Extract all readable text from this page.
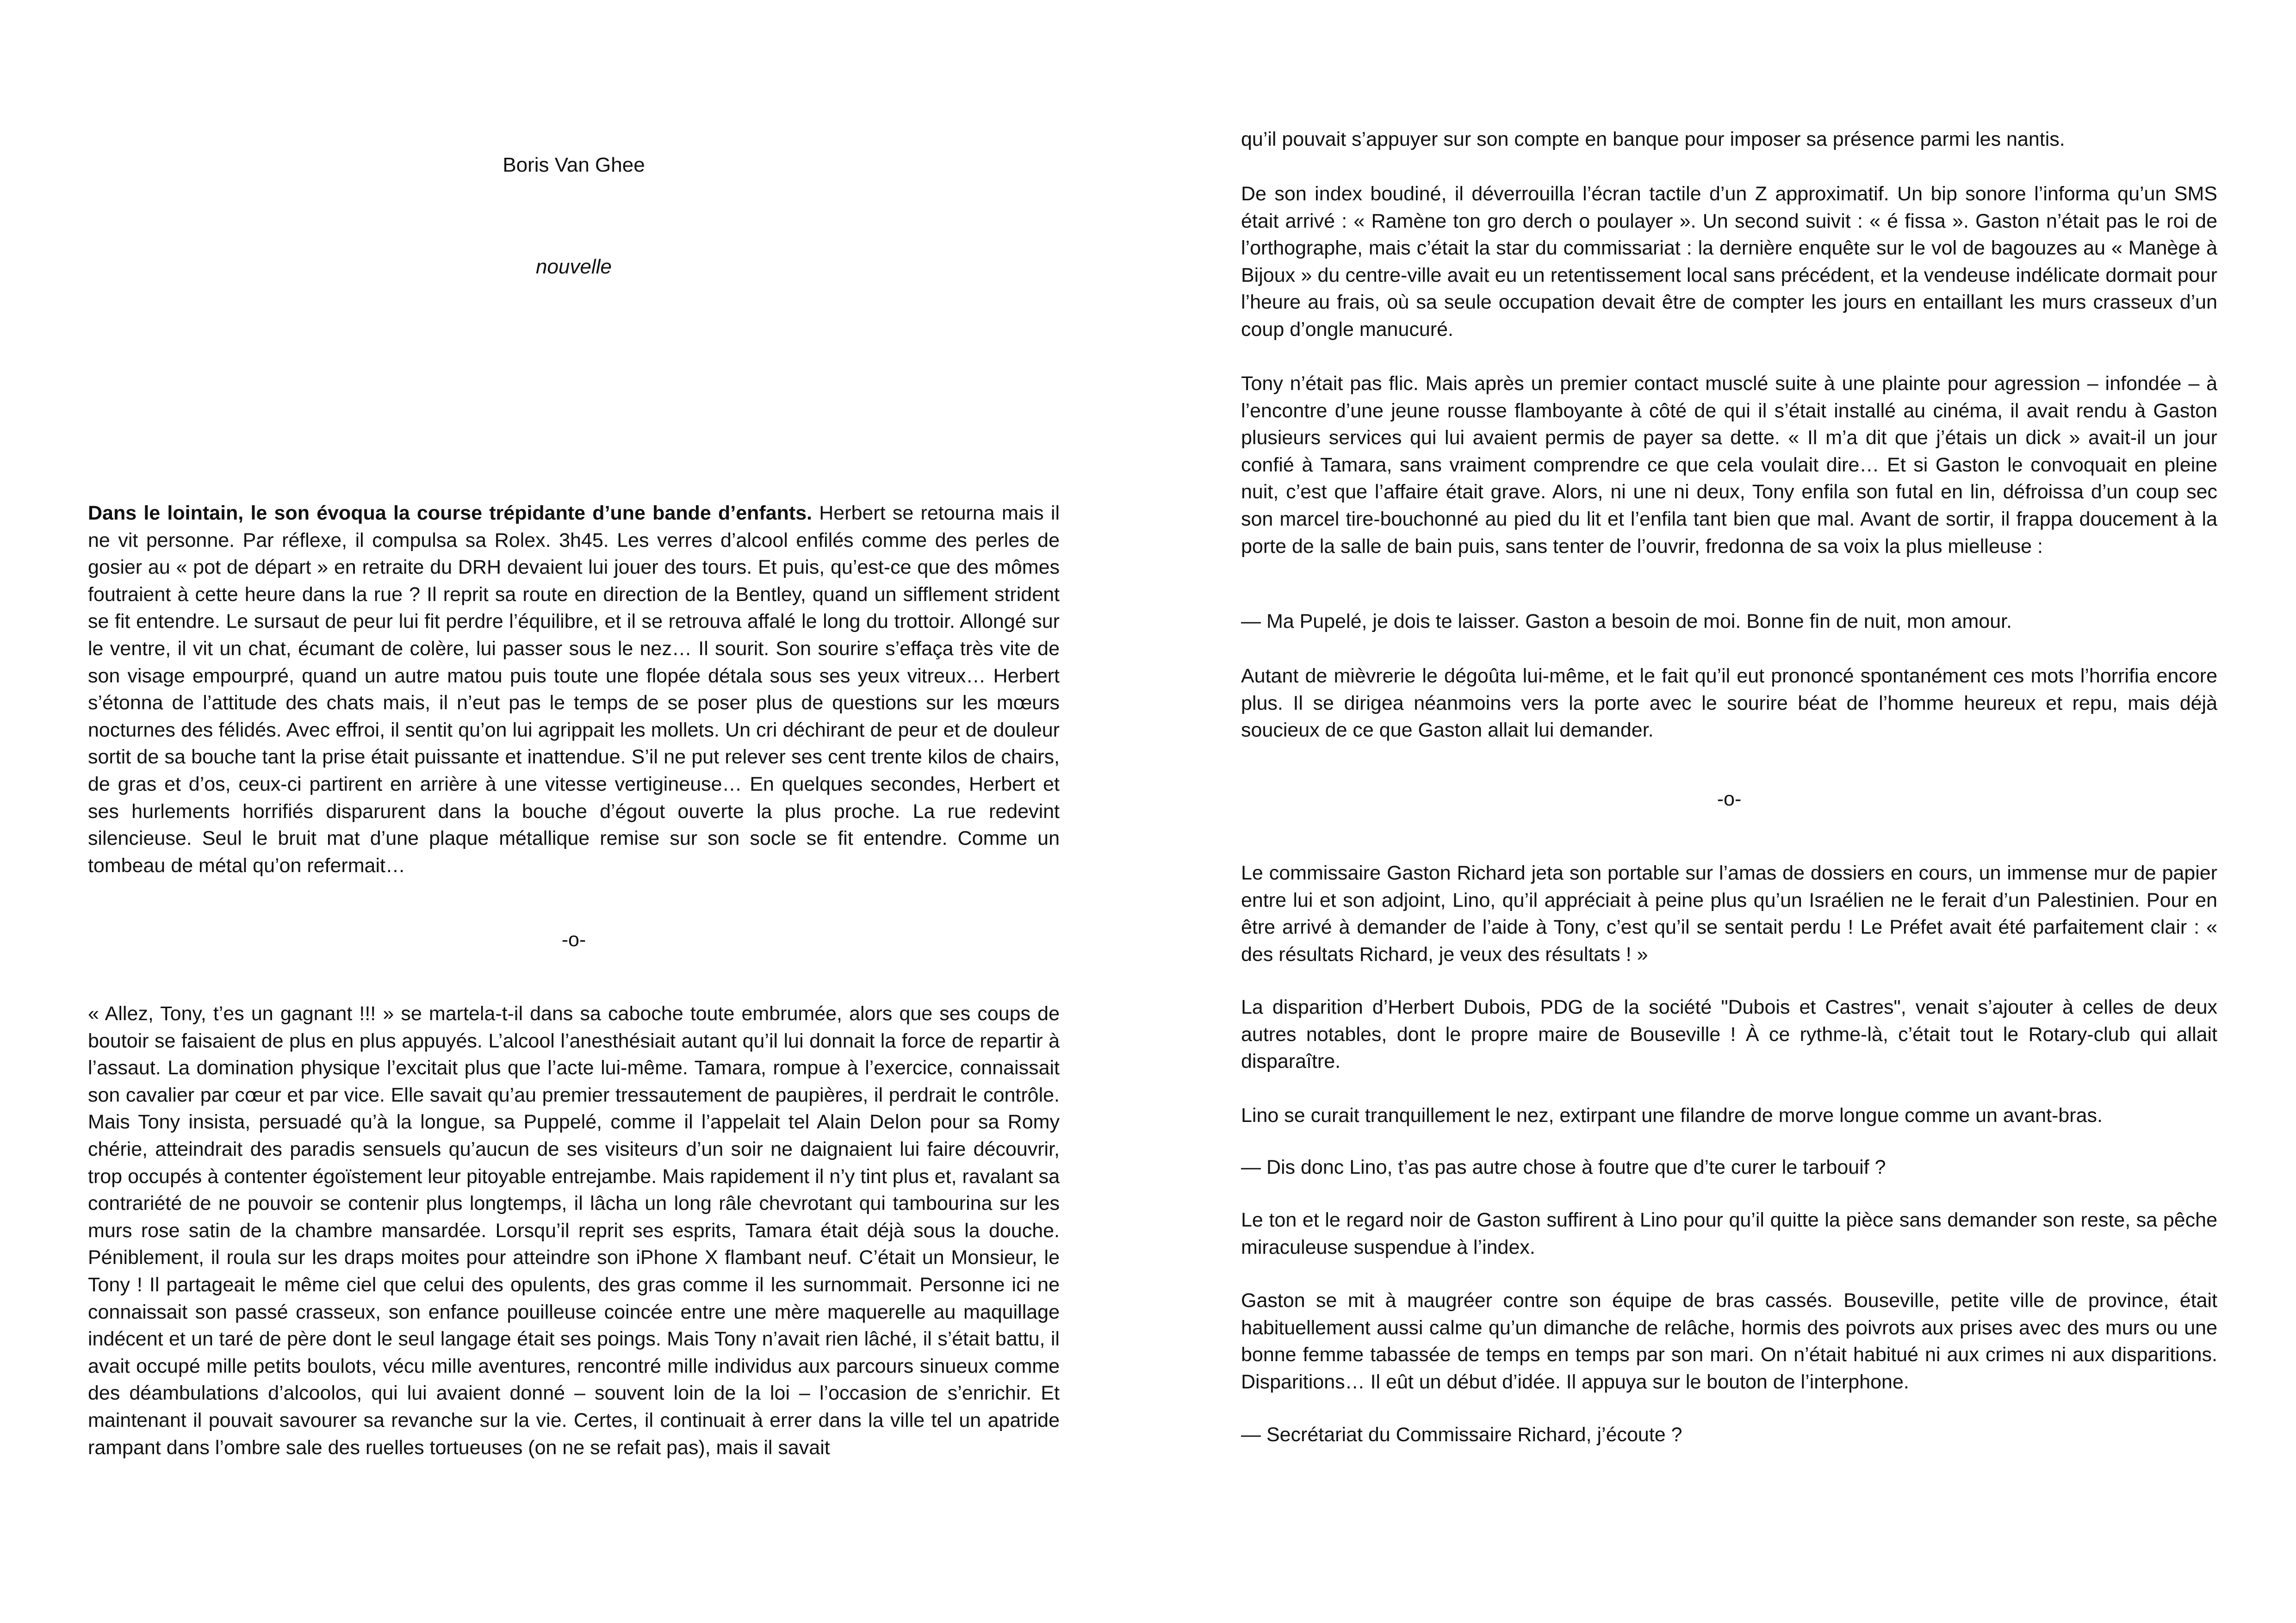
Boris Van Ghee
nouvelle

Dans le lointain, le son évoqua la course trépidante d’une bande d’enfants. Herbert se retourna mais il ne vit personne. Par réflexe, il compulsa sa Rolex. 3h45. Les verres d’alcool enfilés comme des perles de gosier au « pot de départ » en retraite du DRH devaient lui jouer des tours. Et puis, qu’est-ce que des mômes foutraient à cette heure dans la rue ? Il reprit sa route en direction de la Bentley, quand un sifflement strident se fit entendre. Le sursaut de peur lui fit perdre l’équilibre, et il se retrouva affalé le long du trottoir. Allongé sur le ventre, il vit un chat, écumant de colère, lui passer sous le nez… Il sourit. Son sourire s’effaça très vite de son visage empourpré, quand un autre matou puis toute une flopée détala sous ses yeux vitreux… Herbert s’étonna de l’attitude des chats mais, il n’eut pas le temps de se poser plus de questions sur les mœurs nocturnes des félidés. Avec effroi, il sentit qu’on lui agrippait les mollets. Un cri déchirant de peur et de douleur sortit de sa bouche tant la prise était puissante et inattendue. S’il ne put relever ses cent trente kilos de chairs, de gras et d’os, ceux-ci partirent en arrière à une vitesse vertigineuse… En quelques secondes, Herbert et ses hurlements horrifiés disparurent dans la bouche d’égout ouverte la plus proche. La rue redevint silencieuse. Seul le bruit mat d’une plaque métallique remise sur son socle se fit entendre. Comme un tombeau de métal qu’on refermait…

-o-

« Allez, Tony, t’es un gagnant !!! » se martela-t-il dans sa caboche toute embrumée, alors que ses coups de boutoir se faisaient de plus en plus appuyés. L’alcool l’anesthésiait autant qu’il lui donnait la force de repartir à l’assaut. La domination physique l’excitait plus que l’acte lui-même. Tamara, rompue à l’exercice, connaissait son cavalier par cœur et par vice. Elle savait qu’au premier tressautement de paupières, il perdrait le contrôle. Mais Tony insista, persuadé qu’à la longue, sa Puppelé, comme il l’appelait tel Alain Delon pour sa Romy chérie, atteindrait des paradis sensuels qu’aucun de ses visiteurs d’un soir ne daignaient lui faire découvrir, trop occupés à contenter égoïstement leur pitoyable entrejambe. Mais rapidement il n’y tint plus et, ravalant sa contrariété de ne pouvoir se contenir plus longtemps, il lâcha un long râle chevrotant qui tambourina sur les murs rose satin de la chambre mansardée. Lorsqu’il reprit ses esprits, Tamara était déjà sous la douche. Péniblement, il roula sur les draps moites pour atteindre son iPhone X flambant neuf. C’était un Monsieur, le Tony ! Il partageait le même ciel que celui des opulents, des gras comme il les surnommait. Personne ici ne connaissait son passé crasseux, son enfance pouilleuse coincée entre une mère maquerelle au maquillage indécent et un taré de père dont le seul langage était ses poings. Mais Tony n’avait rien lâché, il s’était battu, il avait occupé mille petits boulots, vécu mille aventures, rencontré mille individus aux parcours sinueux comme des déambulations d’alcoolos, qui lui avaient donné – souvent loin de la loi – l’occasion de s’enrichir. Et maintenant il pouvait savourer sa revanche sur la vie. Certes, il continuait à errer dans la ville tel un apatride rampant dans l’ombre sale des ruelles tortueuses (on ne se refait pas), mais il savait

qu’il pouvait s’appuyer sur son compte en banque pour imposer sa présence parmi les nantis.

De son index boudiné, il déverrouilla l’écran tactile d’un Z approximatif. Un bip sonore l’informa qu’un SMS était arrivé : « Ramène ton gro derch o poulayer ». Un second suivit : « é fissa ». Gaston n’était pas le roi de l’orthographe, mais c’était la star du commissariat : la dernière enquête sur le vol de bagouzes au « Manège à Bijoux » du centre-ville avait eu un retentissement local sans précédent, et la vendeuse indélicate dormait pour l’heure au frais, où sa seule occupation devait être de compter les jours en entaillant les murs crasseux d’un coup d’ongle manucuré.

Tony n’était pas flic. Mais après un premier contact musclé suite à une plainte pour agression – infondée – à l’encontre d’une jeune rousse flamboyante à côté de qui il s’était installé au cinéma, il avait rendu à Gaston plusieurs services qui lui avaient permis de payer sa dette. « Il m’a dit que j’étais un dick » avait-il un jour confié à Tamara, sans vraiment comprendre ce que cela voulait dire… Et si Gaston le convoquait en pleine nuit, c’est que l’affaire était grave. Alors, ni une ni deux, Tony enfila son futal en lin, défroissa d’un coup sec son marcel tire-bouchonné au pied du lit et l’enfila tant bien que mal. Avant de sortir, il frappa doucement à la porte de la salle de bain puis, sans tenter de l’ouvrir, fredonna de sa voix la plus mielleuse :

— Ma Pupelé, je dois te laisser. Gaston a besoin de moi. Bonne fin de nuit, mon amour.

Autant de mièvrerie le dégoûta lui-même, et le fait qu’il eut prononcé spontanément ces mots l’horrifia encore plus. Il se dirigea néanmoins vers la porte avec le sourire béat de l’homme heureux et repu, mais déjà soucieux de ce que Gaston allait lui demander.

-o-

Le commissaire Gaston Richard jeta son portable sur l’amas de dossiers en cours, un immense mur de papier entre lui et son adjoint, Lino, qu’il appréciait à peine plus qu’un Israélien ne le ferait d’un Palestinien. Pour en être arrivé à demander de l’aide à Tony, c’est qu’il se sentait perdu ! Le Préfet avait été parfaitement clair : « des résultats Richard, je veux des résultats ! »

La disparition d’Herbert Dubois, PDG de la société "Dubois et Castres", venait s’ajouter à celles de deux autres notables, dont le propre maire de Bouseville ! À ce rythme-là, c’était tout le Rotary-club qui allait disparaître.

Lino se curait tranquillement le nez, extirpant une filandre de morve longue comme un avant-bras.

— Dis donc Lino, t’as pas autre chose à foutre que d’te curer le tarbouif ?

Le ton et le regard noir de Gaston suffirent à Lino pour qu’il quitte la pièce sans demander son reste, sa pêche miraculeuse suspendue à l’index.

Gaston se mit à maugréer contre son équipe de bras cassés. Bouseville, petite ville de province, était habituellement aussi calme qu’un dimanche de relâche, hormis des poivrots aux prises avec des murs ou une bonne femme tabassée de temps en temps par son mari. On n’était habitué ni aux crimes ni aux disparitions. Disparitions… Il eût un début d’idée. Il appuya sur le bouton de l’interphone.

— Secrétariat du Commissaire Richard, j’écoute ?
